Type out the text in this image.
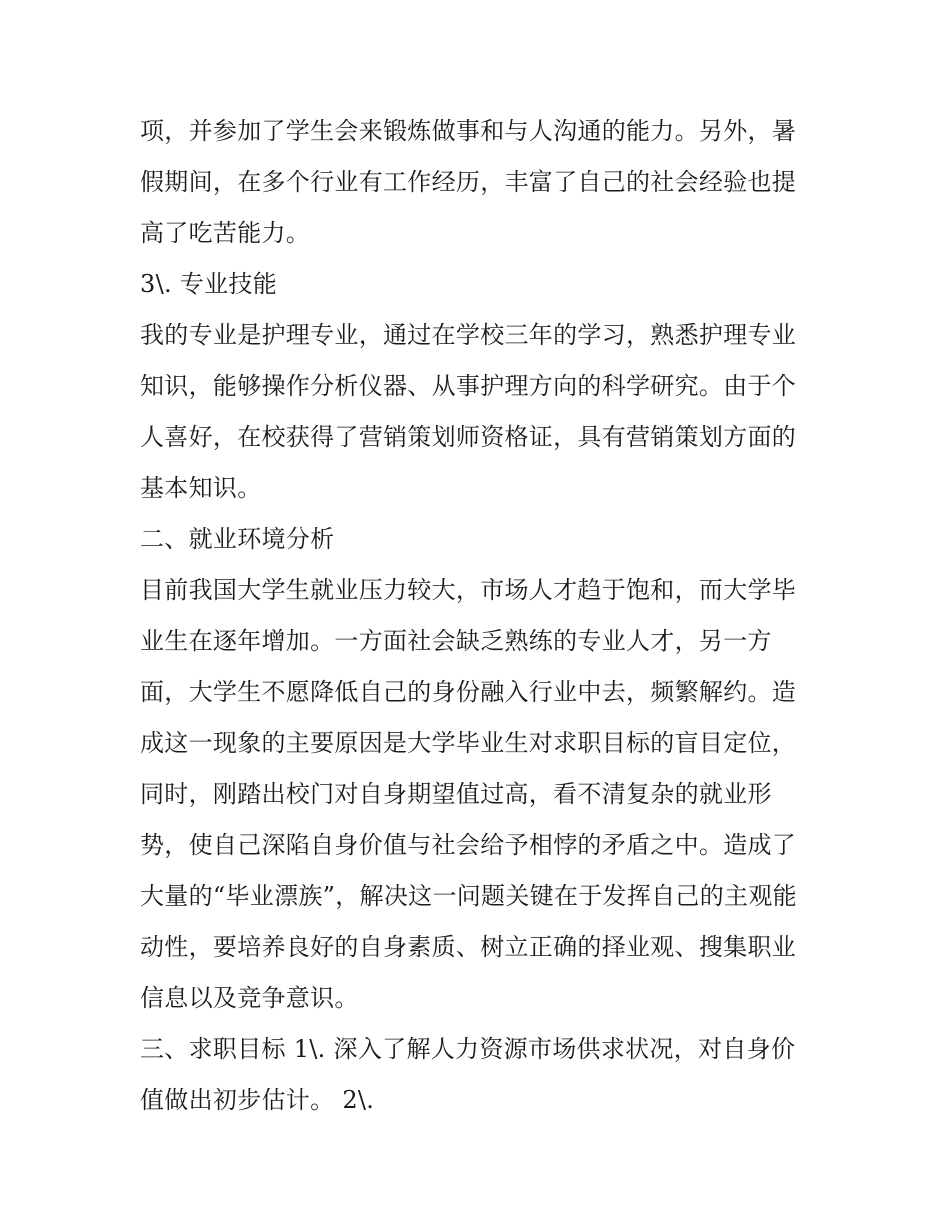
项，并参加了学生会来锻炼做事和与人沟通的能力。另外，暑
假期间，在多个行业有工作经历，丰富了自己的社会经验也提
高了吃苦能力。
3\. 专业技能
我的专业是护理专业，通过在学校三年的学习，熟悉护理专业
知识，能够操作分析仪器、从事护理方向的科学研究。由于个
人喜好，在校获得了营销策划师资格证，具有营销策划方面的
基本知识。
二、就业环境分析
目前我国大学生就业压力较大，市场人才趋于饱和，而大学毕
业生在逐年增加。一方面社会缺乏熟练的专业人才，另一方
面，大学生不愿降低自己的身份融入行业中去，频繁解约。造
成这一现象的主要原因是大学毕业生对求职目标的盲目定位，
同时，刚踏出校门对自身期望值过高，看不清复杂的就业形
势，使自己深陷自身价值与社会给予相悖的矛盾之中。造成了
大量的“毕业漂族”，解决这一问题关键在于发挥自己的主观能
动性，要培养良好的自身素质、树立正确的择业观、搜集职业
信息以及竞争意识。
三、求职目标 1\. 深入了解人力资源市场供求状况，对自身价
值做出初步估计。 2\.
